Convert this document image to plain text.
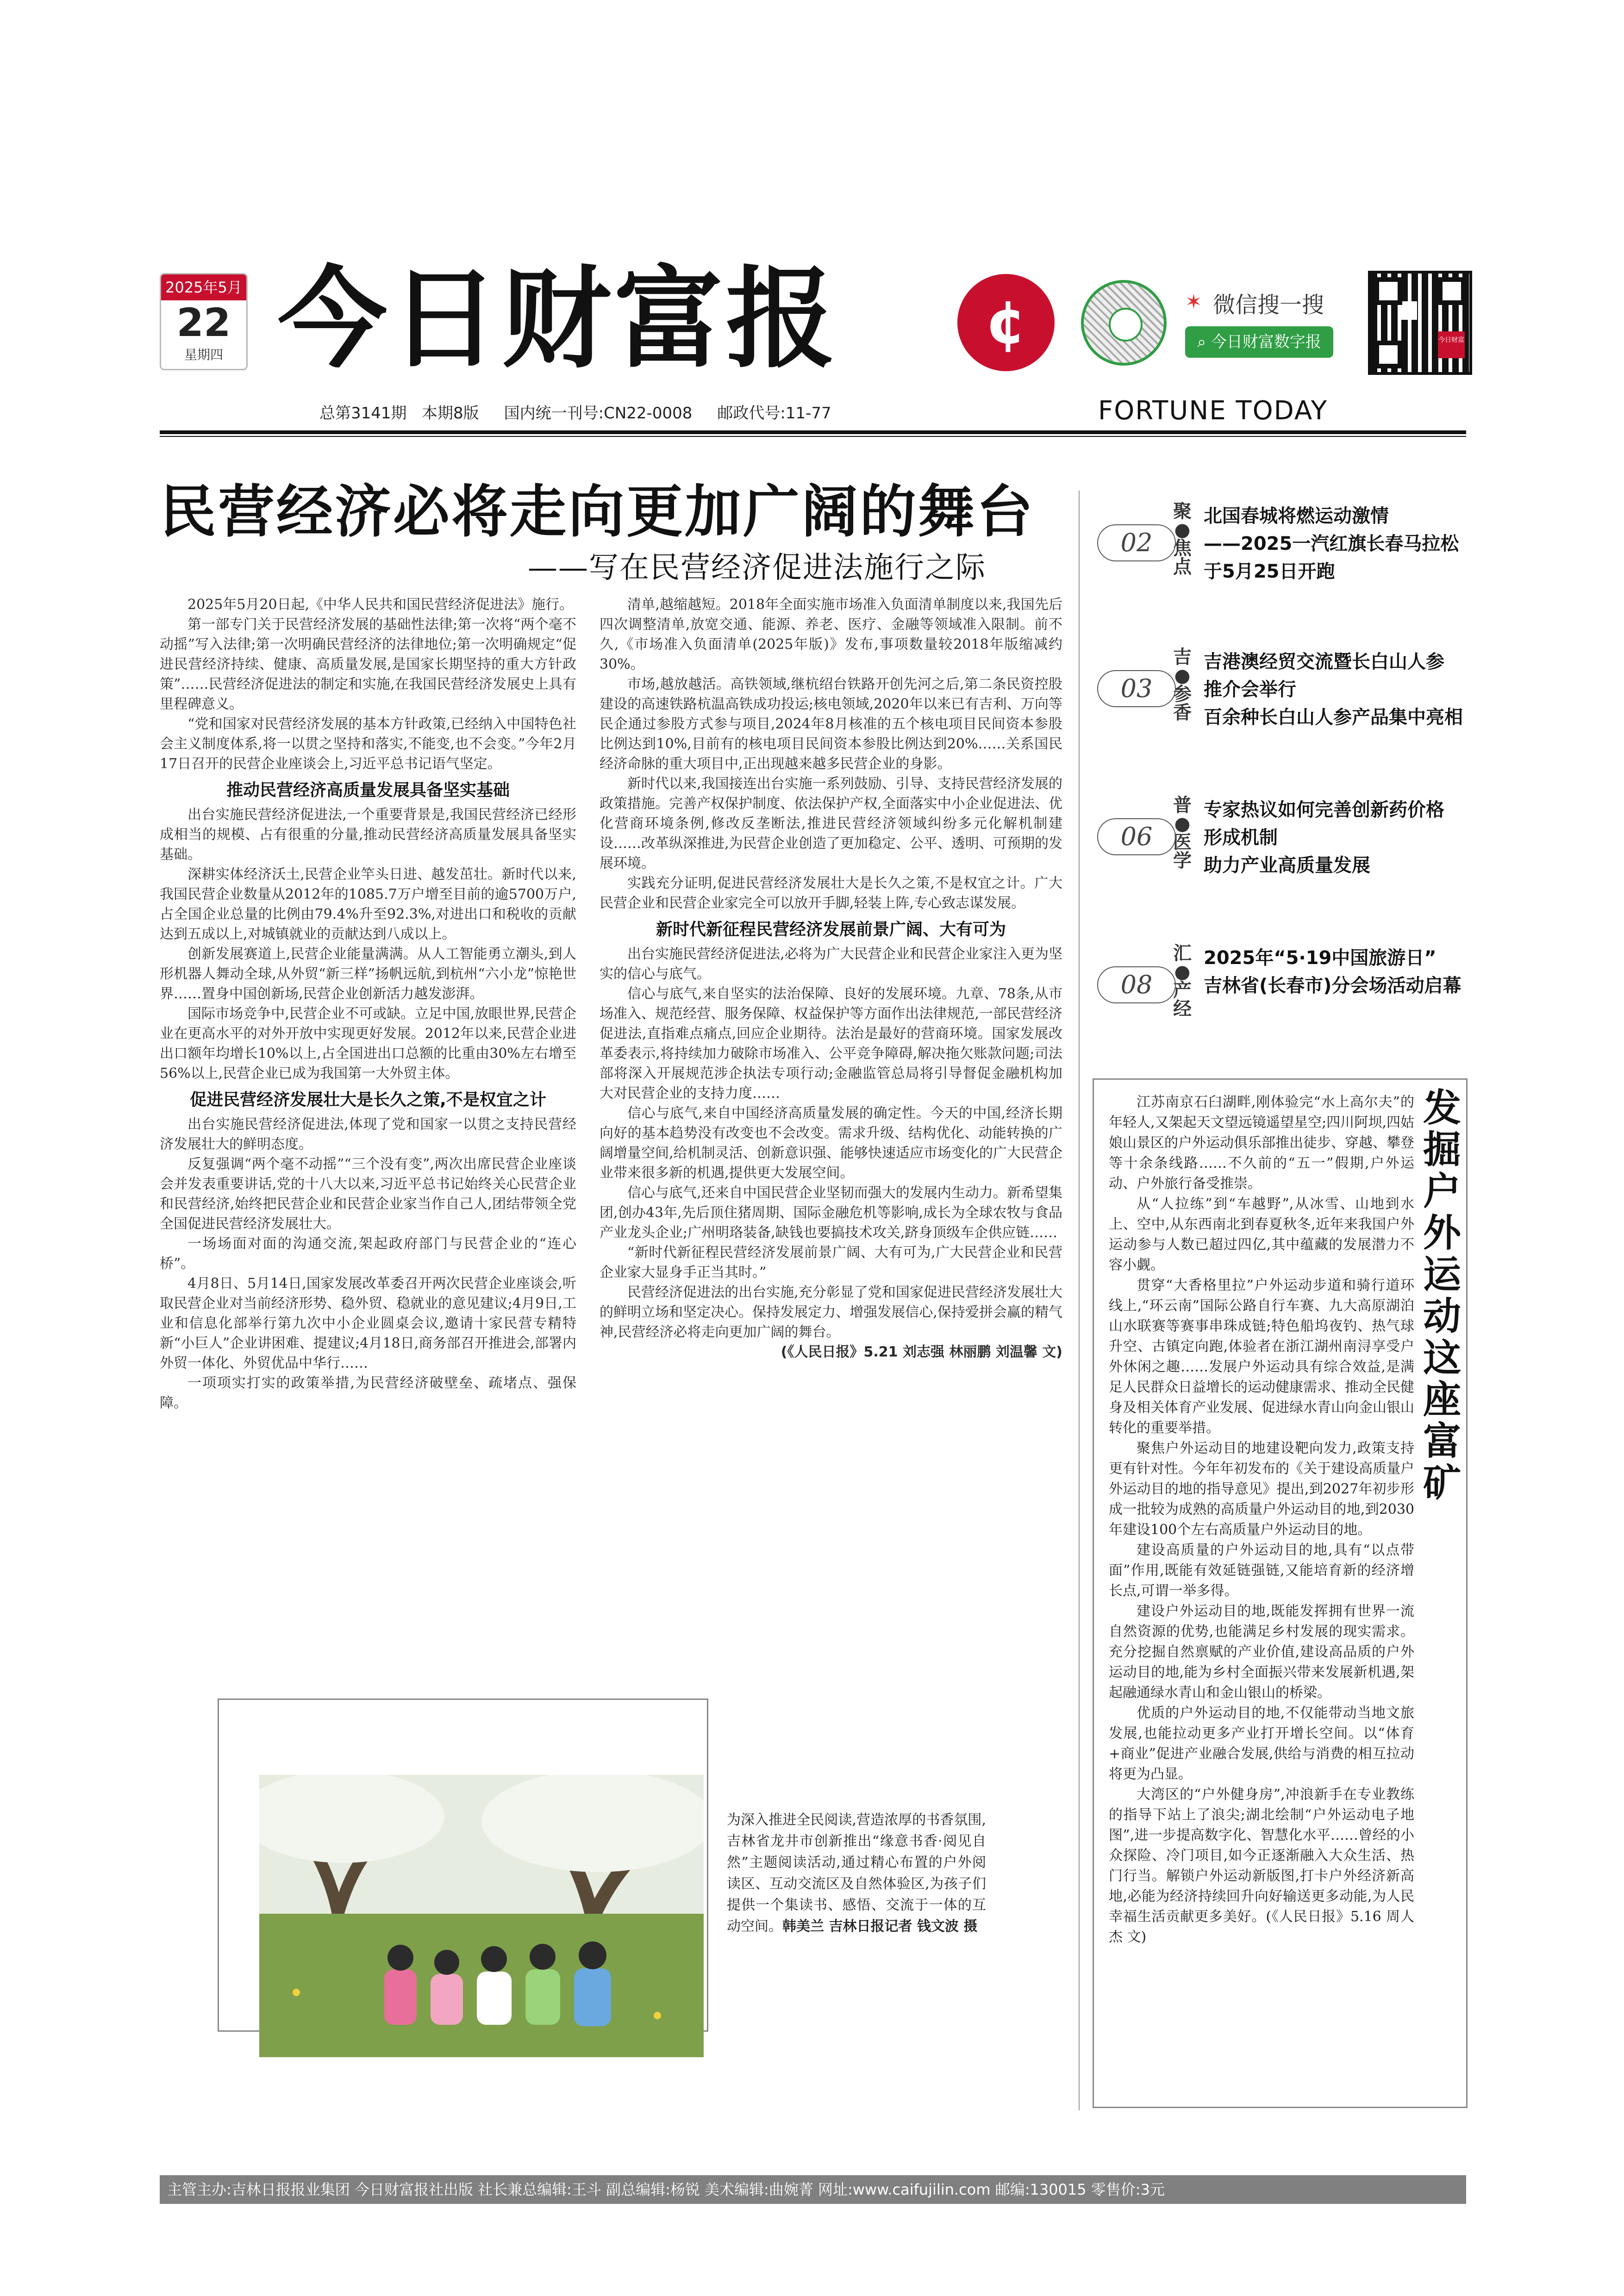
2025年5月
22
星期四 今日财富报	¢	✶ 微信搜一搜
⌕ 今日财富数字报	今日财富
总第3141期 本期8版 国内统一刊号:CN22-0008 邮政代号:11-77	FORTUNE TODAY
民营经济必将走向更加广阔的舞台
——写在民营经济促进法施行之际

2025年5月20日起,《中华人民共和国民营经济促进法》施行。

第一部专门关于民营经济发展的基础性法律;第一次将“两个毫不动摇”写入法律;第一次明确民营经济的法律地位;第一次明确规定“促进民营经济持续、健康、高质量发展,是国家长期坚持的重大方针政策”……民营经济促进法的制定和实施,在我国民营经济发展史上具有里程碑意义。

“党和国家对民营经济发展的基本方针政策,已经纳入中国特色社会主义制度体系,将一以贯之坚持和落实,不能变,也不会变。”今年2月17日召开的民营企业座谈会上,习近平总书记语气坚定。

推动民营经济高质量发展具备坚实基础

出台实施民营经济促进法,一个重要背景是,我国民营经济已经形成相当的规模、占有很重的分量,推动民营经济高质量发展具备坚实基础。

深耕实体经济沃土,民营企业竿头日进、越发茁壮。新时代以来,我国民营企业数量从2012年的1085.7万户增至目前的逾5700万户,占全国企业总量的比例由79.4%升至92.3%,对进出口和税收的贡献达到五成以上,对城镇就业的贡献达到八成以上。

创新发展赛道上,民营企业能量满满。从人工智能勇立潮头,到人形机器人舞动全球,从外贸“新三样”扬帆远航,到杭州“六小龙”惊艳世界……置身中国创新场,民营企业创新活力越发澎湃。

国际市场竞争中,民营企业不可或缺。立足中国,放眼世界,民营企业在更高水平的对外开放中实现更好发展。2012年以来,民营企业进出口额年均增长10%以上,占全国进出口总额的比重由30%左右增至56%以上,民营企业已成为我国第一大外贸主体。

促进民营经济发展壮大是长久之策,不是权宜之计

出台实施民营经济促进法,体现了党和国家一以贯之支持民营经济发展壮大的鲜明态度。

反复强调“两个毫不动摇”“三个没有变”,两次出席民营企业座谈会并发表重要讲话,党的十八大以来,习近平总书记始终关心民营企业和民营经济,始终把民营企业和民营企业家当作自己人,团结带领全党全国促进民营经济发展壮大。

一场场面对面的沟通交流,架起政府部门与民营企业的“连心桥”。

4月8日、5月14日,国家发展改革委召开两次民营企业座谈会,听取民营企业对当前经济形势、稳外贸、稳就业的意见建议;4月9日,工业和信息化部举行第九次中小企业圆桌会议,邀请十家民营专精特新“小巨人”企业讲困难、提建议;4月18日,商务部召开推进会,部署内外贸一体化、外贸优品中华行……

一项项实打实的政策举措,为民营经济破壁垒、疏堵点、强保障。

清单,越缩越短。2018年全面实施市场准入负面清单制度以来,我国先后四次调整清单,放宽交通、能源、养老、医疗、金融等领域准入限制。前不久,《市场准入负面清单(2025年版)》发布,事项数量较2018年版缩减约30%。

市场,越放越活。高铁领域,继杭绍台铁路开创先河之后,第二条民资控股建设的高速铁路杭温高铁成功投运;核电领域,2020年以来已有吉利、万向等民企通过参股方式参与项目,2024年8月核准的五个核电项目民间资本参股比例达到10%,目前有的核电项目民间资本参股比例达到20%……关系国民经济命脉的重大项目中,正出现越来越多民营企业的身影。

新时代以来,我国接连出台实施一系列鼓励、引导、支持民营经济发展的政策措施。完善产权保护制度、依法保护产权,全面落实中小企业促进法、优化营商环境条例,修改反垄断法,推进民营经济领域纠纷多元化解机制建设……改革纵深推进,为民营企业创造了更加稳定、公平、透明、可预期的发展环境。

实践充分证明,促进民营经济发展壮大是长久之策,不是权宜之计。广大民营企业和民营企业家完全可以放开手脚,轻装上阵,专心致志谋发展。

新时代新征程民营经济发展前景广阔、大有可为

出台实施民营经济促进法,必将为广大民营企业和民营企业家注入更为坚实的信心与底气。

信心与底气,来自坚实的法治保障、良好的发展环境。九章、78条,从市场准入、规范经营、服务保障、权益保护等方面作出法律规范,一部民营经济促进法,直指难点痛点,回应企业期待。法治是最好的营商环境。国家发展改革委表示,将持续加力破除市场准入、公平竞争障碍,解决拖欠账款问题;司法部将深入开展规范涉企执法专项行动;金融监管总局将引导督促金融机构加大对民营企业的支持力度……

信心与底气,来自中国经济高质量发展的确定性。今天的中国,经济长期向好的基本趋势没有改变也不会改变。需求升级、结构优化、动能转换的广阔增量空间,给机制灵活、创新意识强、能够快速适应市场变化的广大民营企业带来很多新的机遇,提供更大发展空间。

信心与底气,还来自中国民营企业坚韧而强大的发展内生动力。新希望集团,创办43年,先后顶住猪周期、国际金融危机等影响,成长为全球农牧与食品产业龙头企业;广州明珞装备,缺钱也要搞技术攻关,跻身顶级车企供应链……

“新时代新征程民营经济发展前景广阔、大有可为,广大民营企业和民营企业家大显身手正当其时。”

民营经济促进法的出台实施,充分彰显了党和国家促进民营经济发展壮大的鲜明立场和坚定决心。保持发展定力、增强发展信心,保持爱拼会赢的精气神,民营经济必将走向更加广阔的舞台。

(《人民日报》5.21 刘志强 林丽鹏 刘温馨 文)

聚●焦点
02
北国春城将燃运动激情
——2025一汽红旗长春马拉松
于5月25日开跑
吉●参香
03
吉港澳经贸交流暨长白山人参
推介会举行
百余种长白山人参产品集中亮相
普●医学
06
专家热议如何完善创新药价格
形成机制
助力产业高质量发展
汇●产经
08
2025年“5·19中国旅游日”
吉林省(长春市)分会场活动启幕
发掘户外运动这座富矿

江苏南京石臼湖畔,刚体验完“水上高尔夫”的年轻人,又架起天文望远镜遥望星空;四川阿坝,四姑娘山景区的户外运动俱乐部推出徒步、穿越、攀登等十余条线路……不久前的“五一”假期,户外运动、户外旅行备受推崇。

从“人拉练”到“车越野”,从冰雪、山地到水上、空中,从东西南北到春夏秋冬,近年来我国户外运动参与人数已超过四亿,其中蕴藏的发展潜力不容小觑。

贯穿“大香格里拉”户外运动步道和骑行道环线上,“环云南”国际公路自行车赛、九大高原湖泊山水联赛等赛事串珠成链;特色船坞夜钓、热气球升空、古镇定向跑,体验者在浙江湖州南浔享受户外休闲之趣……发展户外运动具有综合效益,是满足人民群众日益增长的运动健康需求、推动全民健身及相关体育产业发展、促进绿水青山向金山银山转化的重要举措。

聚焦户外运动目的地建设靶向发力,政策支持更有针对性。今年年初发布的《关于建设高质量户外运动目的地的指导意见》提出,到2027年初步形成一批较为成熟的高质量户外运动目的地,到2030年建设100个左右高质量户外运动目的地。

建设高质量的户外运动目的地,具有“以点带面”作用,既能有效延链强链,又能培育新的经济增长点,可谓一举多得。

建设户外运动目的地,既能发挥拥有世界一流自然资源的优势,也能满足乡村发展的现实需求。充分挖掘自然禀赋的产业价值,建设高品质的户外运动目的地,能为乡村全面振兴带来发展新机遇,架起融通绿水青山和金山银山的桥梁。

优质的户外运动目的地,不仅能带动当地文旅发展,也能拉动更多产业打开增长空间。以“体育+商业”促进产业融合发展,供给与消费的相互拉动将更为凸显。

大湾区的“户外健身房”,冲浪新手在专业教练的指导下站上了浪尖;湖北绘制“户外运动电子地图”,进一步提高数字化、智慧化水平……曾经的小众探险、冷门项目,如今正逐渐融入大众生活、热门行当。解锁户外运动新版图,打卡户外经济新高地,必能为经济持续回升向好输送更多动能,为人民幸福生活贡献更多美好。(《人民日报》5.16 周人杰 文)

为深入推进全民阅读,营造浓厚的书香氛围,吉林省龙井市创新推出“缘意书香·阅见自然”主题阅读活动,通过精心布置的户外阅读区、互动交流区及自然体验区,为孩子们提供一个集读书、感悟、交流于一体的互动空间。韩美兰 吉林日报记者 钱文波 摄
主管主办:吉林日报报业集团 今日财富报社出版 社长兼总编辑:王斗 副总编辑:杨锐 美术编辑:曲婉菁 网址:www.caifujilin.com 邮编:130015 零售价:3元
